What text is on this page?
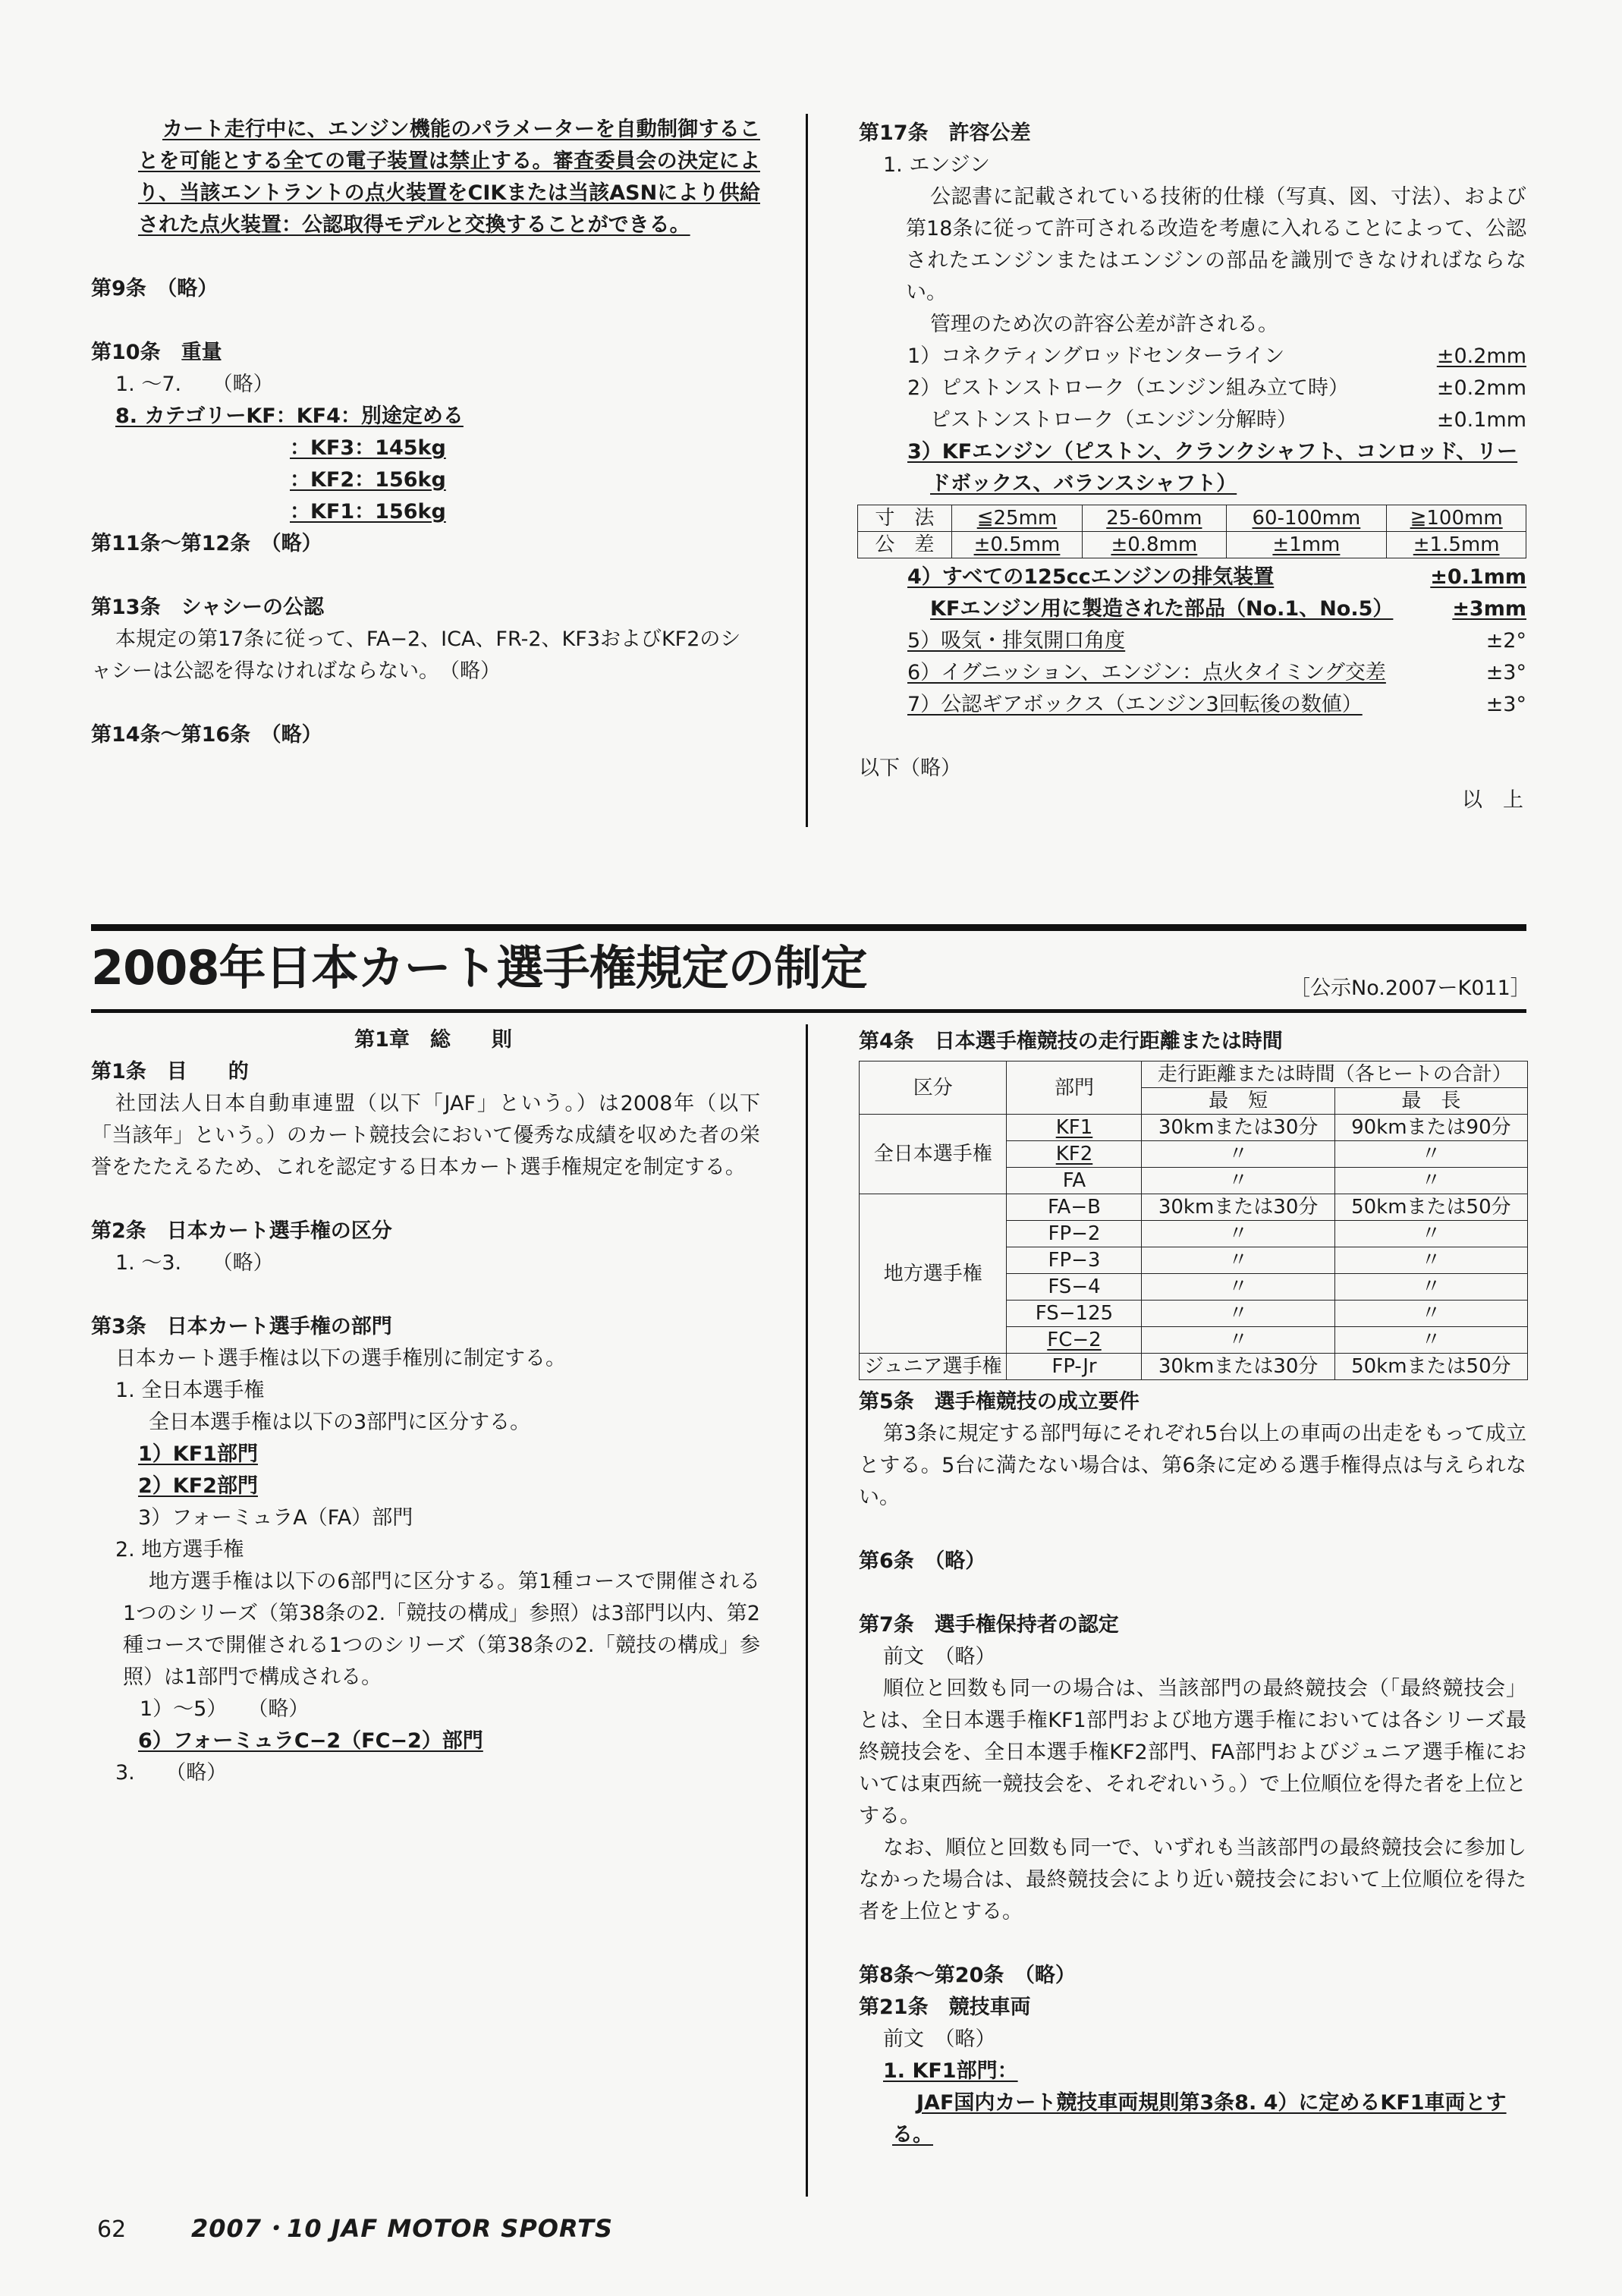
カート走行中に、エンジン機能のパラメーターを自動制御することを可能とする全ての電子装置は禁止する。審査委員会の決定により、当該エントラントの点火装置をCIKまたは当該ASNにより供給された点火装置：公認取得モデルと交換することができる。

第9条　（略）

第10条　重量

1. ～7.　　（略）

8. カテゴリーKF：KF4：別途定める

：KF3：145kg

：KF2：156kg

：KF1：156kg

第11条～第12条　（略）

第13条　シャシーの公認

本規定の第17条に従って、FA−2、ICA、FR-2、KF3およびKF2のシャシーは公認を得なければならない。　（略）

第14条～第16条　（略）

第17条　許容公差

1. エンジン

公認書に記載されている技術的仕様（写真、図、寸法）、および第18条に従って許可される改造を考慮に入れることによって、公認されたエンジンまたはエンジンの部品を識別できなければならない。

管理のため次の許容公差が許される。

1）コネクティングロッドセンターライン	±0.2mm
2）ピストンストローク（エンジン組み立て時）	±0.2mm
ピストンストローク（エンジン分解時）	±0.1mm

3）KFエンジン（ピストン、クランクシャフト、コンロッド、リードボックス、バランスシャフト）

寸　法	≦25mm	25-60mm	60-100mm	≧100mm
公　差	±0.5mm	±0.8mm	±1mm	±1.5mm
4）すべての125ccエンジンの排気装置	±0.1mm
KFエンジン用に製造された部品（No.1、No.5）	±3mm
5）吸気・排気開口角度	±2°
6）イグニッション、エンジン：点火タイミング交差	±3°
7）公認ギアボックス（エンジン3回転後の数値）	±3°

以下（略）

以　上

2008年日本カート選手権規定の制定	［公示No.2007ーK011］

第1章　総　　則

第1条　目　　的

社団法人日本自動車連盟（以下「JAF」という。）は2008年（以下「当該年」という。）のカート競技会において優秀な成績を収めた者の栄誉をたたえるため、これを認定する日本カート選手権規定を制定する。

第2条　日本カート選手権の区分

1. ～3.　　（略）

第3条　日本カート選手権の部門

日本カート選手権は以下の選手権別に制定する。

1. 全日本選手権

全日本選手権は以下の3部門に区分する。

1）KF1部門

2）KF2部門

3）フォーミュラA（FA）部門

2. 地方選手権

地方選手権は以下の6部門に区分する。第1種コースで開催される1つのシリーズ（第38条の2.「競技の構成」参照）は3部門以内、第2種コースで開催される1つのシリーズ（第38条の2.「競技の構成」参照）は1部門で構成される。

1）～5）　　（略）

6）フォーミュラC−2（FC−2）部門

3.　　（略）

第4条　日本選手権競技の走行距離または時間

区分	部門	走行距離または時間（各ヒートの合計）	
		最　短	最　長
全日本選手権	KF1	30kmまたは30分	90kmまたは90分
	KF2	〃	〃
	FA	〃	〃
地方選手権	FA−B	30kmまたは30分	50kmまたは50分
	FP−2	〃	〃
	FP−3	〃	〃
	FS−4	〃	〃
	FS−125	〃	〃
	FC−2	〃	〃
ジュニア選手権	FP-Jr	30kmまたは30分	50kmまたは50分

第5条　選手権競技の成立要件

第3条に規定する部門毎にそれぞれ5台以上の車両の出走をもって成立とする。5台に満たない場合は、第6条に定める選手権得点は与えられない。

第6条　（略）

第7条　選手権保持者の認定

前文　（略）

順位と回数も同一の場合は、当該部門の最終競技会（「最終競技会」とは、全日本選手権KF1部門および地方選手権においては各シリーズ最終競技会を、全日本選手権KF2部門、FA部門およびジュニア選手権においては東西統一競技会を、それぞれいう。）で上位順位を得た者を上位とする。

なお、順位と回数も同一で、いずれも当該部門の最終競技会に参加しなかった場合は、最終競技会により近い競技会において上位順位を得た者を上位とする。

第8条～第20条　（略）

第21条　競技車両

前文　（略）

1. KF1部門：

JAF国内カート競技車両規則第3条8. 4）に定めるKF1車両とする。

62	2007・10 JAF MOTOR SPORTS
